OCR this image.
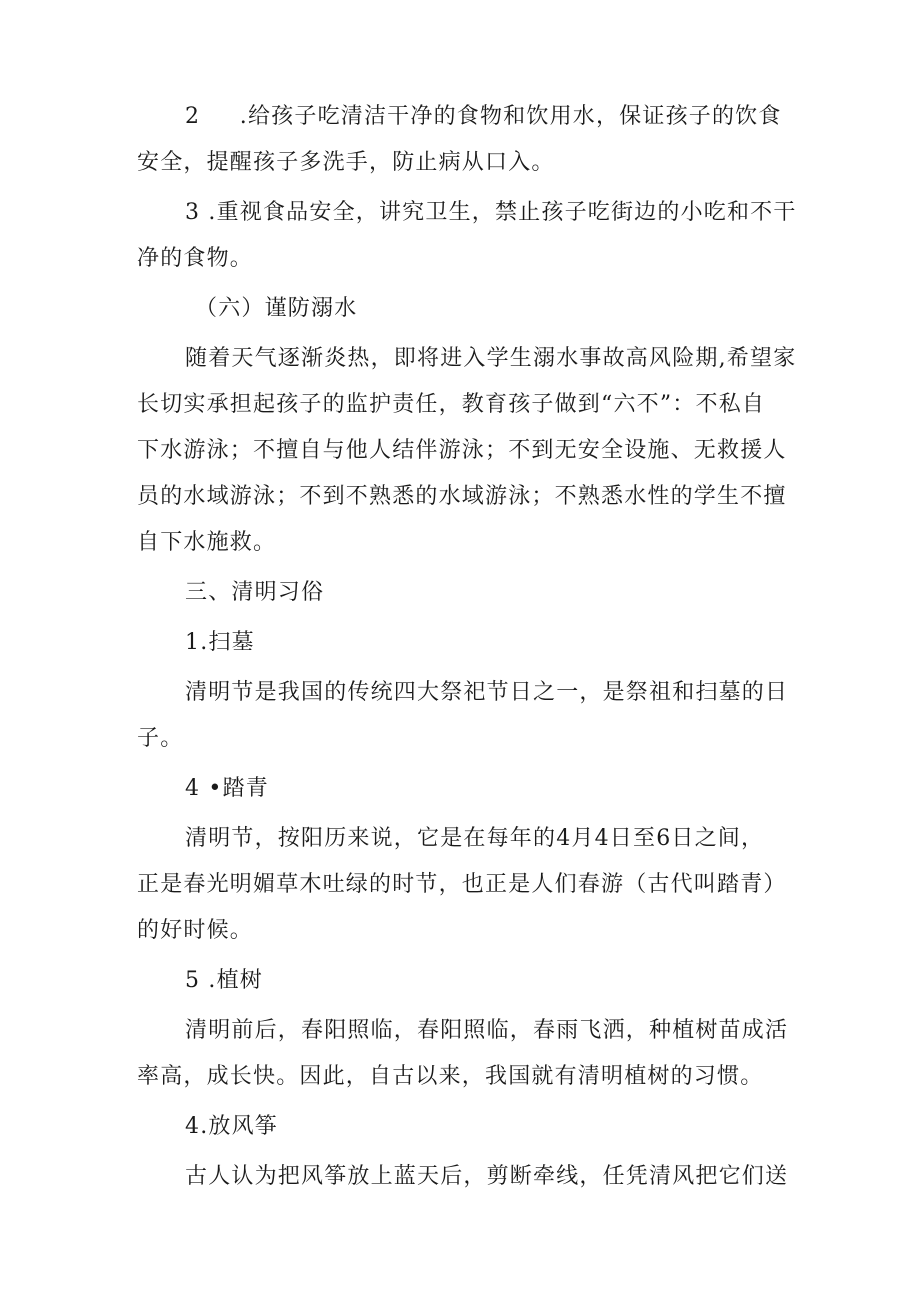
2 　 .给孩子吃清洁干净的食物和饮用水，保证孩子的饮食
安全，提醒孩子多洗手，防止病从口入。

3 .重视食品安全，讲究卫生，禁止孩子吃街边的小吃和不干
净的食物。

（六）谨防溺水

随着天气逐渐炎热，即将进入学生溺水事故高风险期,希望家
长切实承担起孩子的监护责任，教育孩子做到“六不”：不私自
下水游泳；不擅自与他人结伴游泳；不到无安全设施、无救援人
员的水域游泳；不到不熟悉的水域游泳；不熟悉水性的学生不擅
自下水施救。

三、清明习俗

1.扫墓

清明节是我国的传统四大祭祀节日之一，是祭祖和扫墓的日
子。

4 •踏青

清明节，按阳历来说，它是在每年的4月4日至6日之间，
正是春光明媚草木吐绿的时节，也正是人们春游（古代叫踏青）
的好时候。

5 .植树

清明前后，春阳照临，春阳照临，春雨飞洒，种植树苗成活
率高，成长快。因此，自古以来，我国就有清明植树的习惯。

4.放风筝

古人认为把风筝放上蓝天后，剪断牵线，任凭清风把它们送
